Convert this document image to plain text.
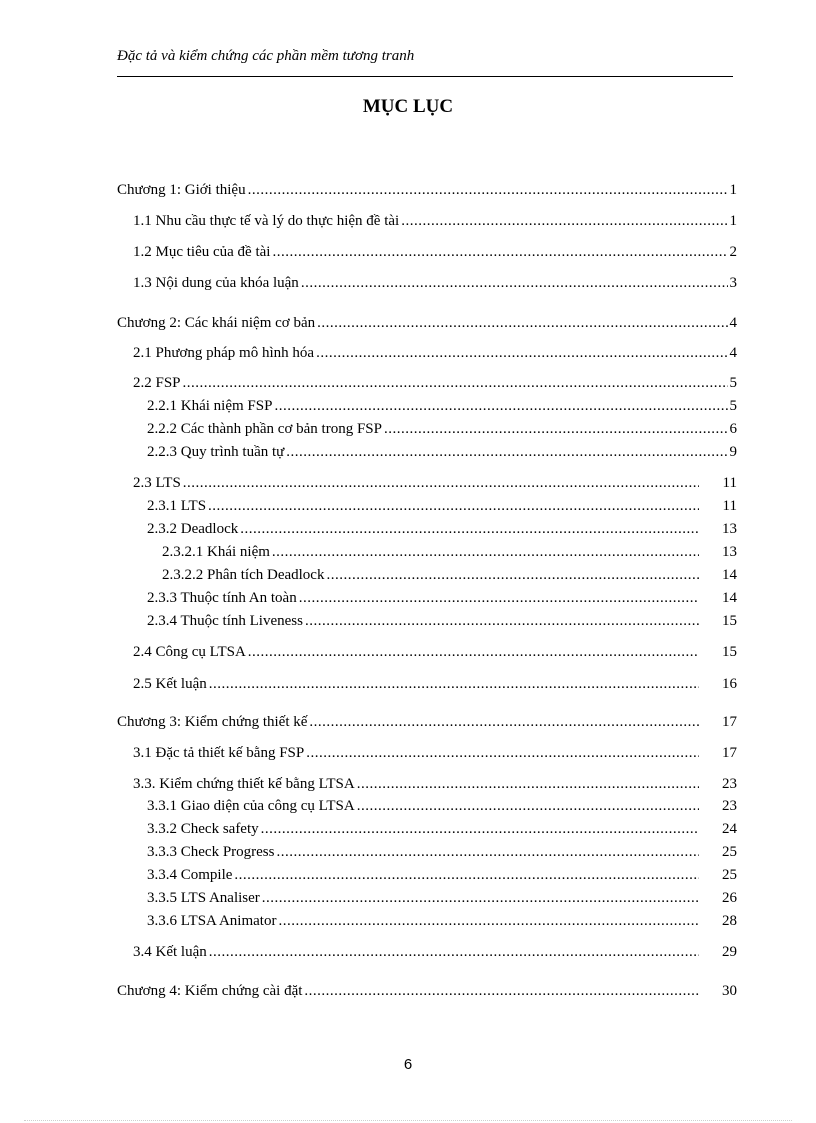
Đặc tả và kiểm chứng các phần mềm tương tranh
MỤC LỤC
Chương 1: Giới thiệu .....	1
1.1 Nhu cầu thực tế và lý do thực hiện đề tài .....	1
1.2 Mục tiêu của đề tài .....	2
1.3 Nội dung của khóa luận .....	3
Chương 2: Các khái niệm cơ bản .....	4
2.1 Phương pháp mô hình hóa .....	4
2.2 FSP .....	5
2.2.1 Khái niệm FSP .....	5
2.2.2 Các thành phần cơ bản trong FSP .....	6
2.2.3 Quy trình tuần tự .....	9
2.3 LTS .....	11
2.3.1 LTS .....	11
2.3.2 Deadlock .....	13
2.3.2.1 Khái niệm .....	13
2.3.2.2 Phân tích Deadlock .....	14
2.3.3 Thuộc tính An toàn .....	14
2.3.4 Thuộc tính Liveness .....	15
2.4 Công cụ LTSA .....	15
2.5 Kết luận .....	16
Chương 3: Kiểm chứng thiết kế .....	17
3.1 Đặc tả thiết kế bằng FSP .....	17
3.3. Kiểm chứng thiết kế bằng LTSA .....	23
3.3.1 Giao diện của công cụ LTSA .....	23
3.3.2 Check safety .....	24
3.3.3 Check Progress .....	25
3.3.4 Compile .....	25
3.3.5 LTS Analiser .....	26
3.3.6 LTSA Animator .....	28
3.4 Kết luận .....	29
Chương 4: Kiểm chứng cài đặt .....	30
6
